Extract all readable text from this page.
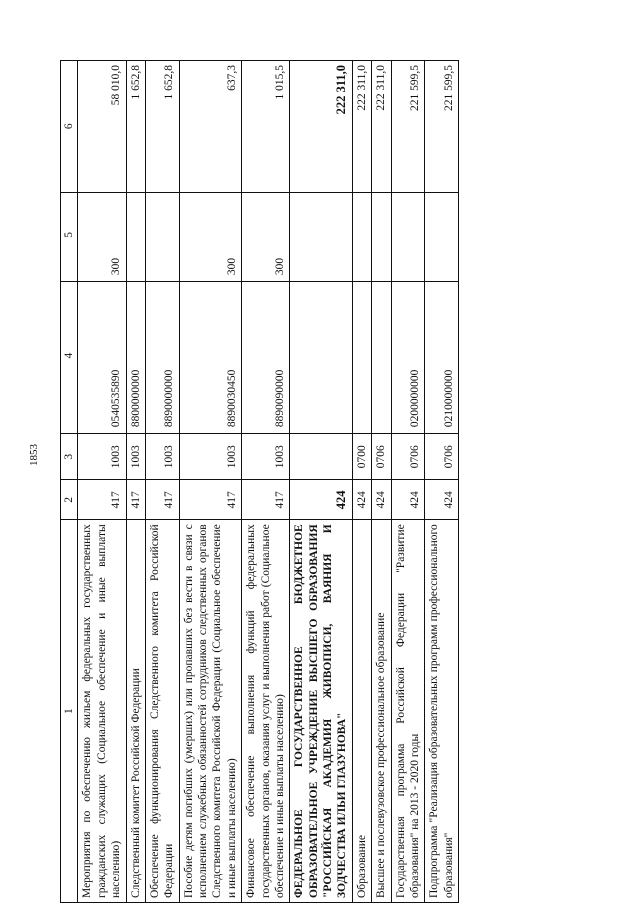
1853
1	2	3	4	5	6
Мероприятия по обеспечению жильем федеральных государственных гражданских служащих (Социальное обеспечение и иные выплаты населению)	417	1003	0540535890	300	58 010,0
Следственный комитет Российской Федерации	417	1003	8800000000		1 652,8
Обеспечение функционирования Следственного комитета Российской Федерации	417	1003	8890000000		1 652,8
Пособие детям погибших (умерших) или пропавших без вести в связи с исполнением служебных обязанностей сотрудников следственных органов Следственного комитета Российской Федерации (Социальное обеспечение и иные выплаты населению)	417	1003	8890030450	300	637,3
Финансовое обеспечение выполнения функций федеральных государственных органов, оказания услуг и выполнения работ (Социальное обеспечение и иные выплаты населению)	417	1003	8890090000	300	1 015,5
ФЕДЕРАЛЬНОЕ ГОСУДАРСТВЕННОЕ БЮДЖЕТНОЕ ОБРАЗОВАТЕЛЬНОЕ УЧРЕЖДЕНИЕ ВЫСШЕГО ОБРАЗОВАНИЯ "РОССИЙСКАЯ АКАДЕМИЯ ЖИВОПИСИ, ВАЯНИЯ И ЗОДЧЕСТВА ИЛЬИ ГЛАЗУНОВА"	424				222 311,0
Образование	424	0700			222 311,0
Высшее и послевузовское профессиональное образование	424	0706			222 311,0
Государственная программа Российской Федерации "Развитие образования" на 2013 - 2020 годы	424	0706	0200000000		221 599,5
Подпрограмма "Реализация образовательных программ профессионального образования"	424	0706	0210000000		221 599,5
